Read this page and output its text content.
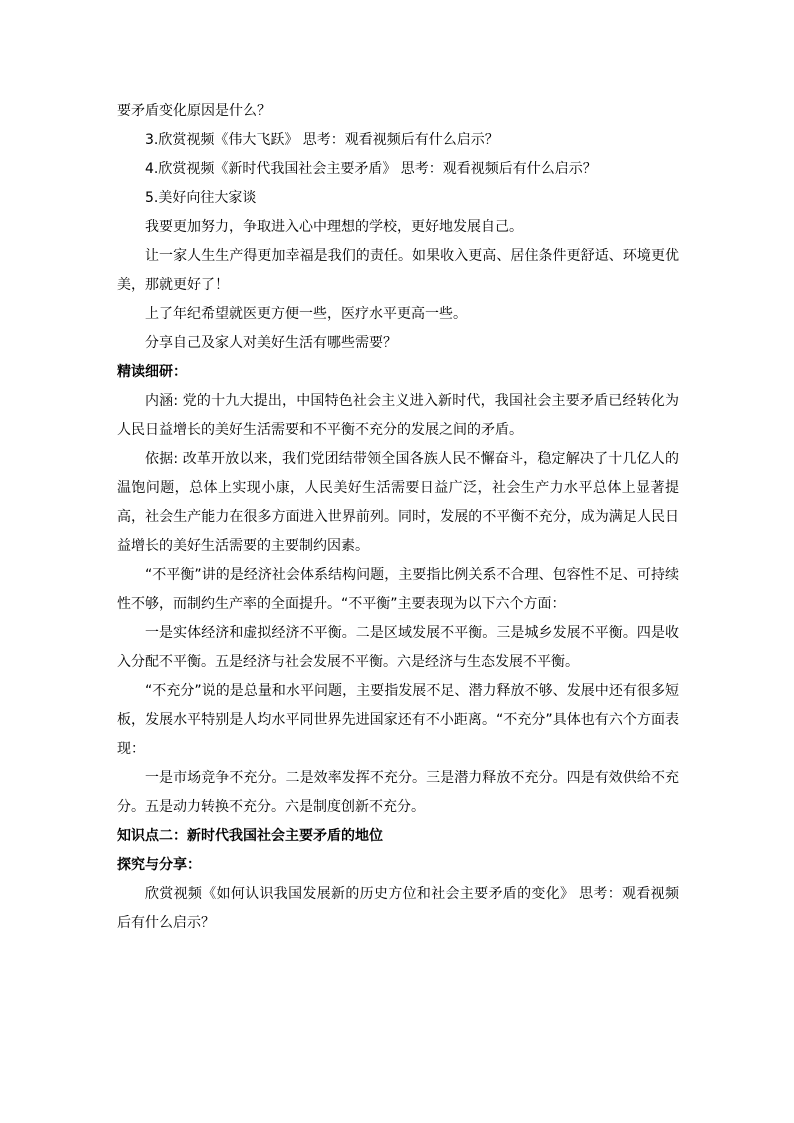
要矛盾变化原因是什么？

3.欣赏视频《伟大飞跃》 思考：观看视频后有什么启示？

4.欣赏视频《新时代我国社会主要矛盾》 思考：观看视频后有什么启示？

5.美好向往大家谈

我要更加努力，争取进入心中理想的学校，更好地发展自己。

让一家人生生产得更加幸福是我们的责任。如果收入更高、居住条件更舒适、环境更优美，那就更好了！

上了年纪希望就医更方便一些，医疗水平更高一些。

分享自己及家人对美好生活有哪些需要？

精读细研：

内涵: 党的十九大提出，中国特色社会主义进入新时代，我国社会主要矛盾已经转化为人民日益增长的美好生活需要和不平衡不充分的发展之间的矛盾。

依据: 改革开放以来，我们党团结带领全国各族人民不懈奋斗，稳定解决了十几亿人的温饱问题，总体上实现小康，人民美好生活需要日益广泛，社会生产力水平总体上显著提高，社会生产能力在很多方面进入世界前列。同时，发展的不平衡不充分，成为满足人民日益增长的美好生活需要的主要制约因素。

“不平衡”讲的是经济社会体系结构问题，主要指比例关系不合理、包容性不足、可持续性不够，而制约生产率的全面提升。“不平衡”主要表现为以下六个方面：

一是实体经济和虚拟经济不平衡。二是区域发展不平衡。三是城乡发展不平衡。四是收入分配不平衡。五是经济与社会发展不平衡。六是经济与生态发展不平衡。

“不充分”说的是总量和水平问题，主要指发展不足、潜力释放不够、发展中还有很多短板，发展水平特别是人均水平同世界先进国家还有不小距离。“不充分”具体也有六个方面表现：

一是市场竞争不充分。二是效率发挥不充分。三是潜力释放不充分。四是有效供给不充分。五是动力转换不充分。六是制度创新不充分。

知识点二：新时代我国社会主要矛盾的地位

探究与分享：

欣赏视频《如何认识我国发展新的历史方位和社会主要矛盾的变化》 思考：观看视频后有什么启示？
